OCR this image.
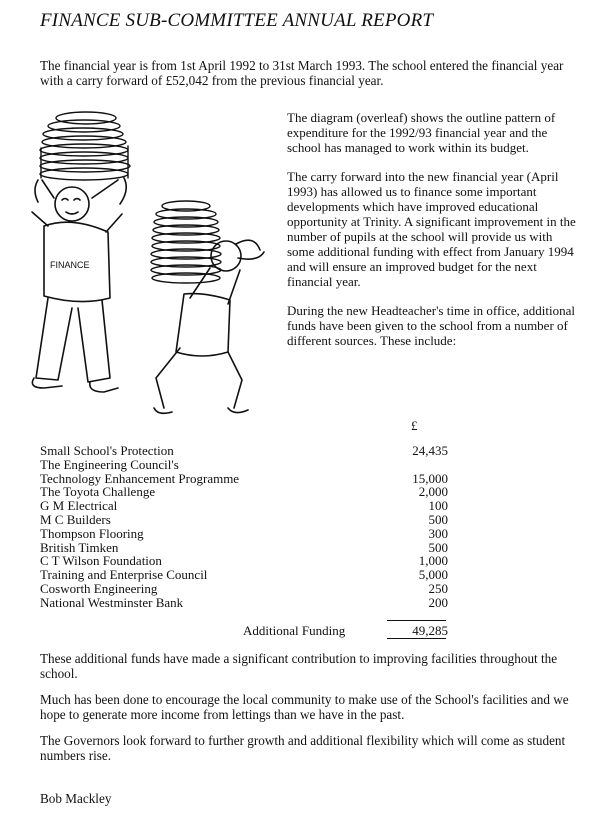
FINANCE SUB-COMMITTEE ANNUAL REPORT

The financial year is from 1st April 1992 to 31st March 1993. The school entered the financial year with a carry forward of £52,042 from the previous financial year.

FINANCE

The diagram (overleaf) shows the outline pattern of expenditure for the 1992/93 financial year and the school has managed to work within its budget.

The carry forward into the new financial year (April 1993) has allowed us to finance some important developments which have improved educational opportunity at Trinity. A significant improvement in the number of pupils at the school will provide us with some additional funding with effect from January 1994 and will ensure an improved budget for the next financial year.

During the new Headteacher's time in office, additional funds have been given to the school from a number of different sources. These include:

£
Small School's Protection	24,435
The Engineering Council's
Technology Enhancement Programme	15,000
The Toyota Challenge	2,000
G M Electrical	100
M C Builders	500
Thompson Flooring	300
British Timken	500
C T Wilson Foundation	1,000
Training and Enterprise Council	5,000
Cosworth Engineering	250
National Westminster Bank	200
Additional Funding	49,285

These additional funds have made a significant contribution to improving facilities throughout the school.

Much has been done to encourage the local community to make use of the School's facilities and we hope to generate more income from lettings than we have in the past.

The Governors look forward to further growth and additional flexibility which will come as student numbers rise.

Bob Mackley
